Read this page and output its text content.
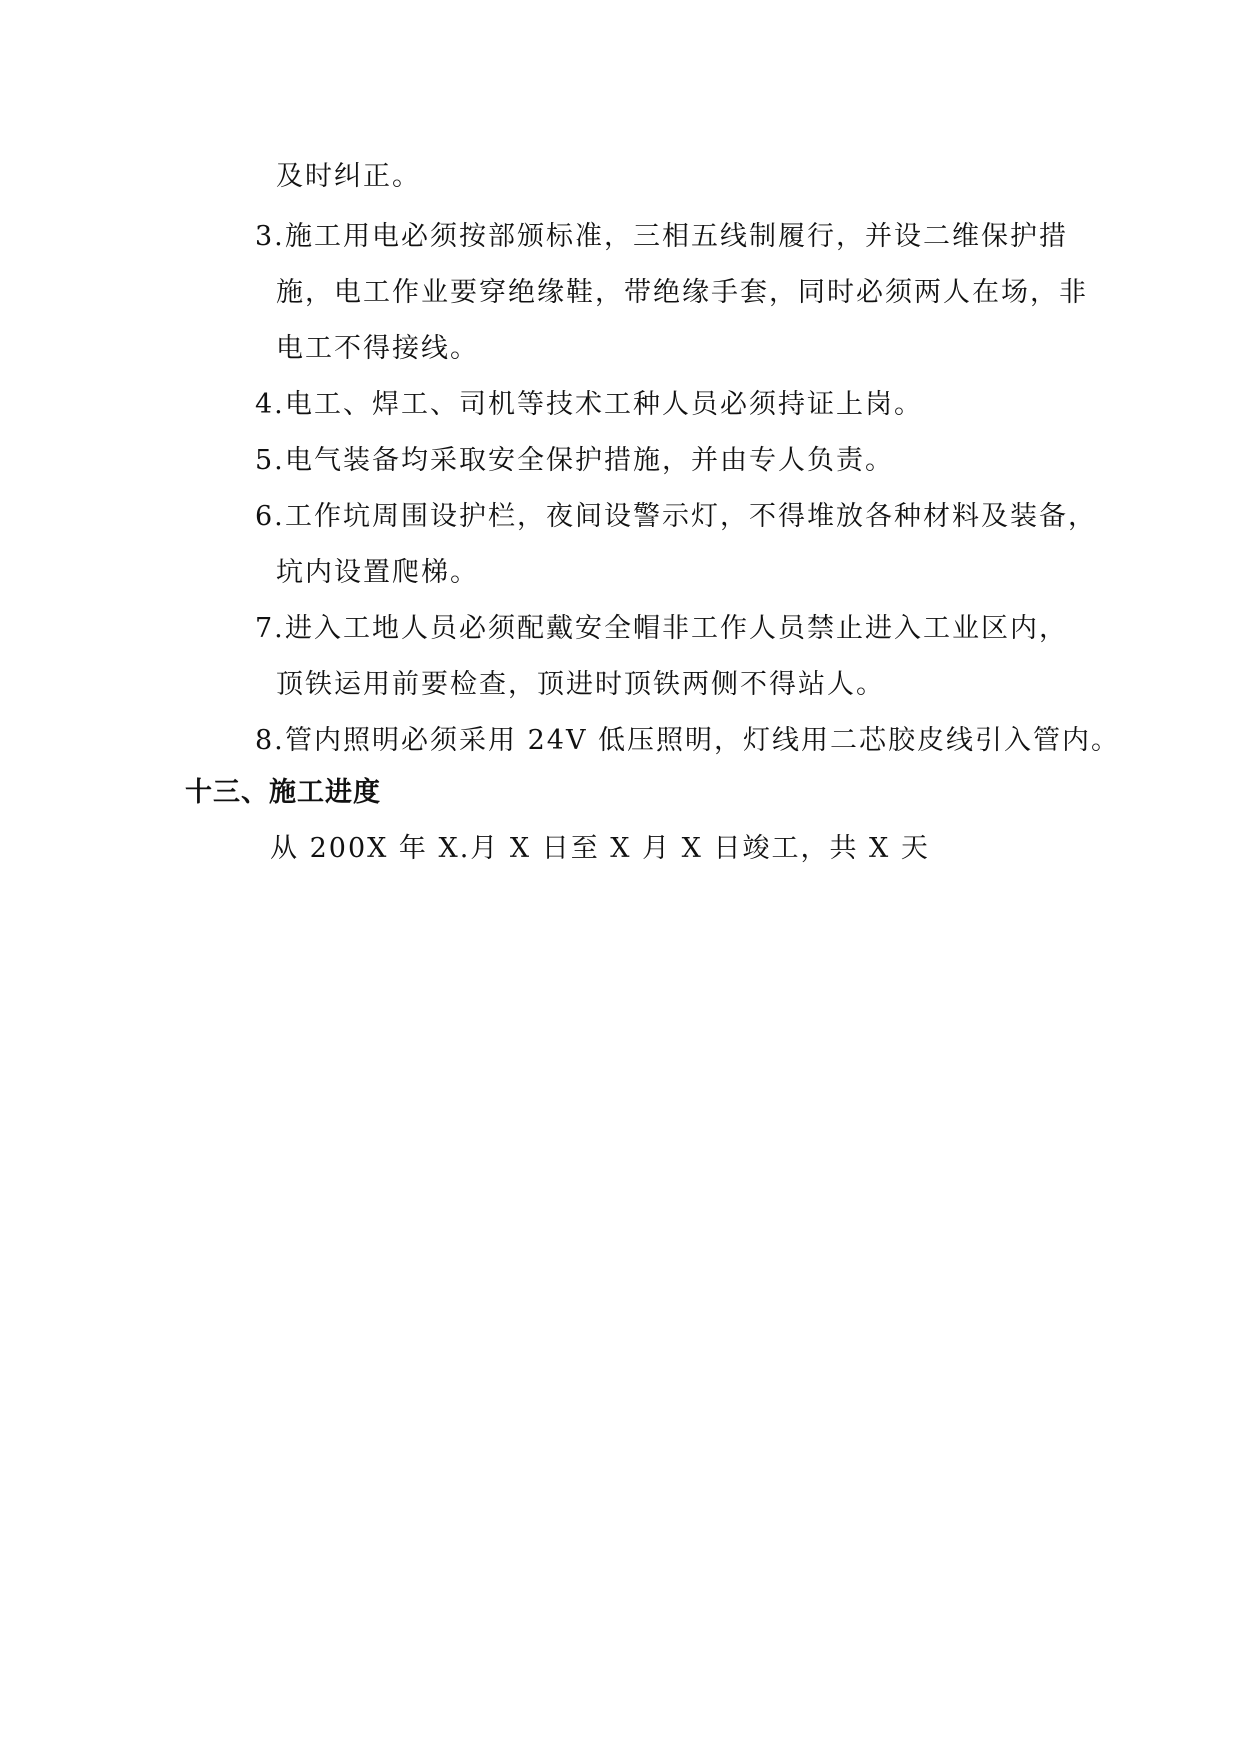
及时纠正。
3. 施工用电必须按部颁标准，三相五线制履行，并设二维保护措
施，电工作业要穿绝缘鞋，带绝缘手套，同时必须两人在场，非
电工不得接线。
4. 电工、焊工、司机等技术工种人员必须持证上岗。
5. 电气装备均采取安全保护措施，并由专人负责。
6. 工作坑周围设护栏，夜间设警示灯，不得堆放各种材料及装备，
坑内设置爬梯。
7. 进入工地人员必须配戴安全帽非工作人员禁止进入工业区内，
顶铁运用前要检查，顶进时顶铁两侧不得站人。
8. 管内照明必须采用 24V 低压照明，灯线用二芯胶皮线引入管内。
十三、施工进度
从 200X 年 X.月 X 日至 X 月 X 日竣工，共 X 天
